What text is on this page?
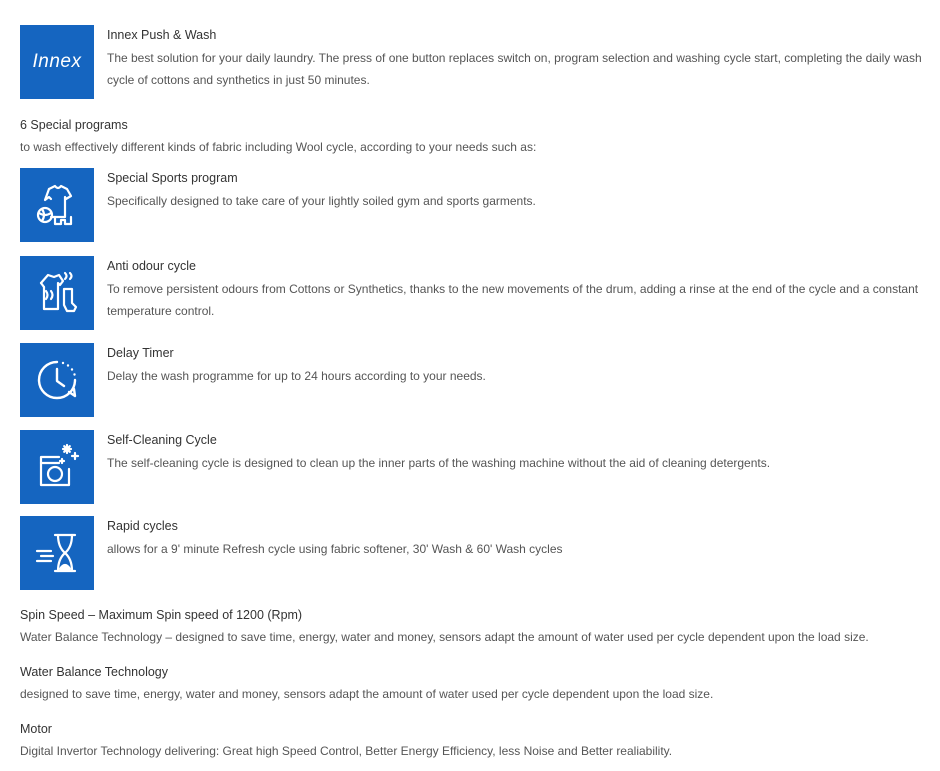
Innex
Innex Push & Wash
The best solution for your daily laundry. The press of one button replaces switch on, program selection and washing cycle start, completing the daily wash cycle of cottons and synthetics in just 50 minutes.
6 Special programs
to wash effectively different kinds of fabric including Wool cycle, according to your needs such as:
Special Sports program
Specifically designed to take care of your lightly soiled gym and sports garments.
Anti odour cycle
To remove persistent odours from Cottons or Synthetics, thanks to the new movements of the drum, adding a rinse at the end of the cycle and a constant temperature control.
Delay Timer
Delay the wash programme for up to 24 hours according to your needs.
Self-Cleaning Cycle
The self-cleaning cycle is designed to clean up the inner parts of the washing machine without the aid of cleaning detergents.
Rapid cycles
allows for a 9' minute Refresh cycle using fabric softener, 30' Wash & 60' Wash cycles
Spin Speed – Maximum Spin speed of 1200 (Rpm)
Water Balance Technology – designed to save time, energy, water and money, sensors adapt the amount of water used per cycle dependent upon the load size.
Water Balance Technology
designed to save time, energy, water and money, sensors adapt the amount of water used per cycle dependent upon the load size.
Motor
Digital Invertor Technology delivering: Great high Speed Control, Better Energy Efficiency, less Noise and Better realiability.
